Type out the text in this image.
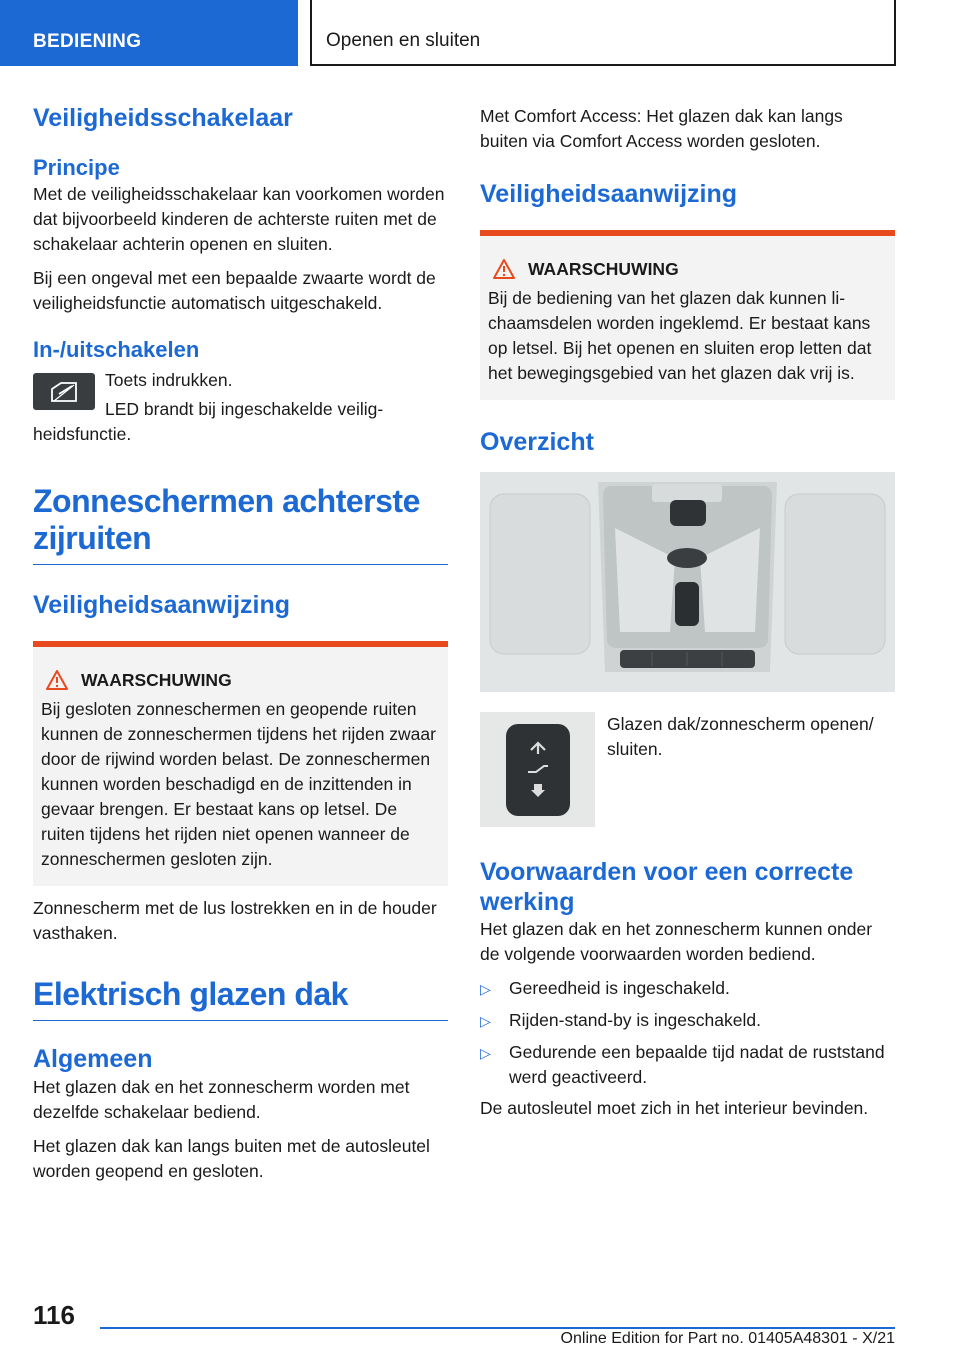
BEDIENING	Openen en sluiten
Veiligheidsschakelaar
Principe

Met de veiligheidsschakelaar kan voorkomen worden dat bijvoorbeeld kinderen de achterste ruiten met de schakelaar achterin openen en sluiten.

Bij een ongeval met een bepaalde zwaarte wordt de veiligheidsfunctie automatisch uitgeschakeld.

In-/uitschakelen

Toets indrukken.

LED brandt bij ingeschakelde veilig-

heidsfunctie.

Zonneschermen achterste zijruiten
Veiligheidsaanwijzing
WAARSCHUWING

Bij gesloten zonneschermen en geopende ruiten kunnen de zonneschermen tijdens het rijden zwaar door de rijwind worden belast. De zonneschermen kunnen worden beschadigd en de inzittenden in gevaar brengen. Er bestaat kans op letsel. De ruiten tijdens het rijden niet openen wanneer de zonneschermen gesloten zijn.

Zonnescherm met de lus lostrekken en in de houder vasthaken.

Elektrisch glazen dak
Algemeen

Het glazen dak en het zonnescherm worden met dezelfde schakelaar bediend.

Het glazen dak kan langs buiten met de autosleutel worden geopend en gesloten.

Met Comfort Access: Het glazen dak kan langs buiten via Comfort Access worden gesloten.

Veiligheidsaanwijzing
WAARSCHUWING

Bij de bediening van het glazen dak kunnen lichaamsdelen worden ingeklemd. Er bestaat kans op letsel. Bij het openen en sluiten erop letten dat het bewegingsgebied van het glazen dak vrij is.

Overzicht

Glazen dak/zonnescherm openen/ sluiten.

Voorwaarden voor een correcte werking

Het glazen dak en het zonnescherm kunnen onder de volgende voorwaarden worden bediend.

▷	Gereedheid is ingeschakeld.
▷	Rijden-stand-by is ingeschakeld.
▷	Gedurende een bepaalde tijd nadat de ruststand werd geactiveerd.

De autosleutel moet zich in het interieur bevinden.

116
Online Edition for Part no. 01405A48301 - X/21
